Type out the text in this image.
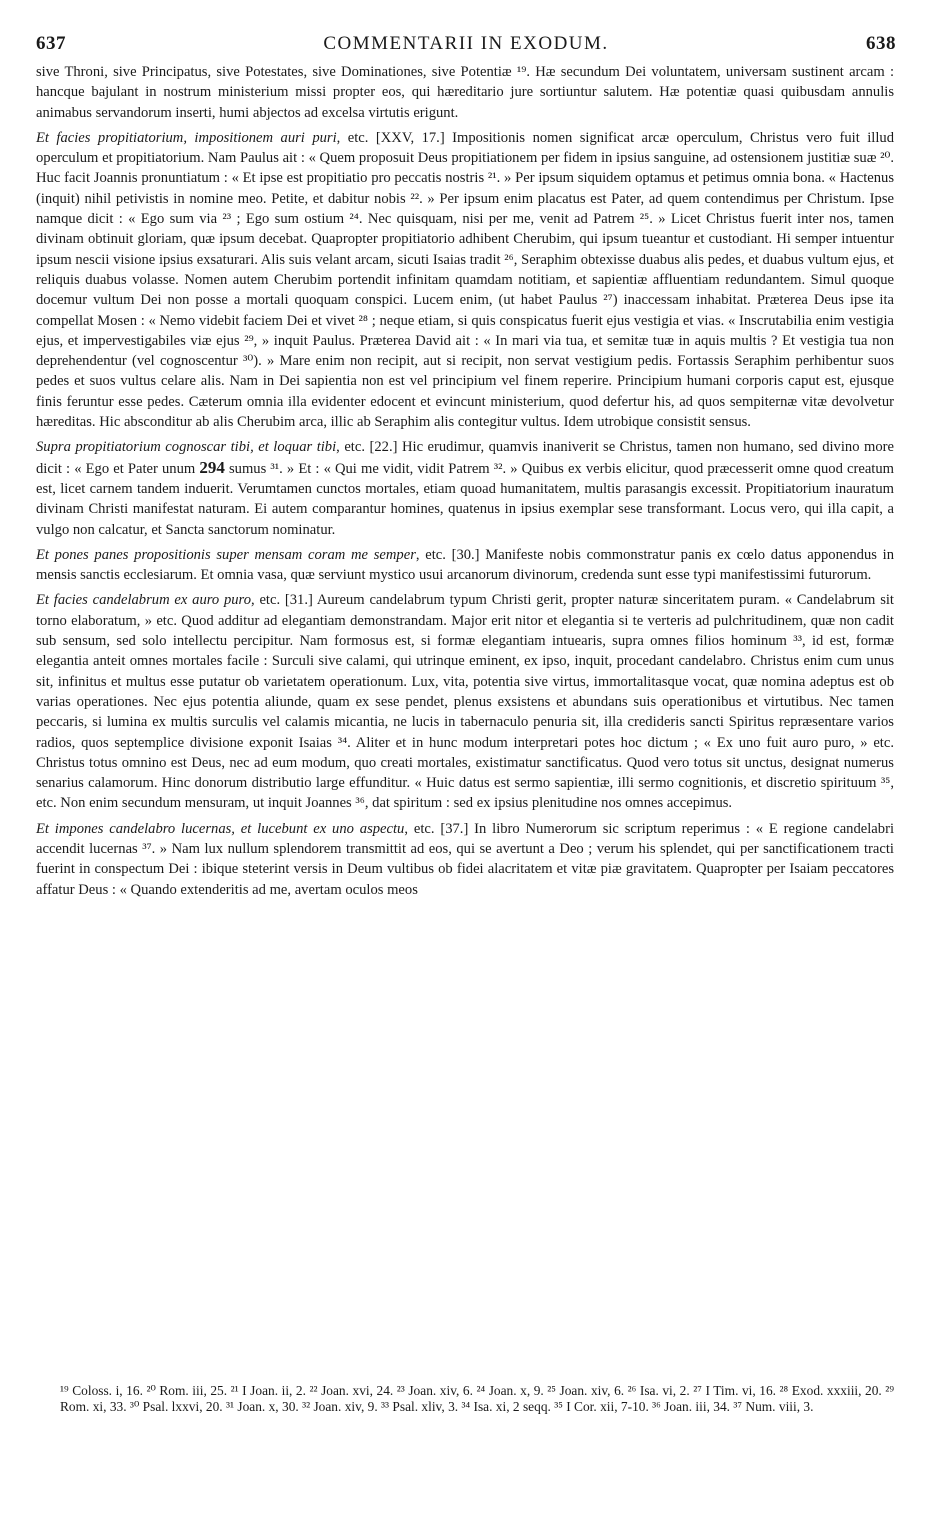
637	COMMENTARII IN EXODUM.	638

sive Throni, sive Principatus, sive Potestates, sive Dominationes, sive Potentiæ ¹⁹. Hæ secundum Dei voluntatem, universam sustinent arcam : hancque bajulant in nostrum ministerium missi propter eos, qui hæreditario jure sortiuntur salutem. Hæ potentiæ quasi quibusdam annulis animabus servandorum inserti, humi abjectos ad excelsa virtutis erigunt.

Et facies propitiatorium, impositionem auri puri, etc. [XXV, 17.] Impositionis nomen significat arcæ operculum, Christus vero fuit illud operculum et propitiatorium. Nam Paulus ait : « Quem proposuit Deus propitiationem per fidem in ipsius sanguine, ad ostensionem justitiæ suæ ²⁰. Huc facit Joannis pronuntiatum : « Et ipse est propitiatio pro peccatis nostris ²¹. » Per ipsum siquidem optamus et petimus omnia bona. « Hactenus (inquit) nihil petivistis in nomine meo. Petite, et dabitur nobis ²². » Per ipsum enim placatus est Pater, ad quem contendimus per Christum. Ipse namque dicit : « Ego sum via ²³ ; Ego sum ostium ²⁴. Nec quisquam, nisi per me, venit ad Patrem ²⁵. » Licet Christus fuerit inter nos, tamen divinam obtinuit gloriam, quæ ipsum decebat. Quapropter propitiatorio adhibent Cherubim, qui ipsum tueantur et custodiant. Hi semper intuentur ipsum nescii visione ipsius exsaturari. Alis suis velant arcam, sicuti Isaias tradit ²⁶, Seraphim obtexisse duabus alis pedes, et duabus vultum ejus, et reliquis duabus volasse. Nomen autem Cherubim portendit infinitam quamdam notitiam, et sapientiæ affluentiam redundantem. Simul quoque docemur vultum Dei non posse a mortali quoquam conspici. Lucem enim, (ut habet Paulus ²⁷) inaccessam inhabitat. Præterea Deus ipse ita compellat Mosen : « Nemo videbit faciem Dei et vivet ²⁸ ; neque etiam, si quis conspicatus fuerit ejus vestigia et vias. « Inscrutabilia enim vestigia ejus, et impervestigabiles viæ ejus ²⁹, » inquit Paulus. Præterea David ait : « In mari via tua, et semitæ tuæ in aquis multis ? Et vestigia tua non deprehendentur (vel cognoscentur ³⁰). » Mare enim non recipit, aut si recipit, non servat vestigium pedis. Fortassis Seraphim perhibentur suos pedes et suos vultus celare alis. Nam in Dei sapientia non est vel principium vel finem reperire. Principium humani corporis caput est, ejusque finis feruntur esse pedes. Cæterum omnia illa evidenter edocent et evincunt ministerium, quod defertur his, ad quos sempiternæ vitæ devolvetur hæreditas. Hic absconditur ab alis Cherubim arca, illic ab Seraphim alis contegitur vultus. Idem utrobique consistit sensus.

Supra propitiatorium cognoscar tibi, et loquar tibi, etc. [22.] Hic erudimur, quamvis inaniverit se Christus, tamen non humano, sed divino more dicit : « Ego et Pater unum 294 sumus ³¹. » Et : « Qui me vidit, vidit Patrem ³². » Quibus ex verbis elicitur, quod præcesserit omne quod creatum est, licet carnem tandem induerit. Verumtamen cunctos mortales, etiam quoad humanitatem, multis parasangis excessit. Propitiatorium inauratum divinam Christi manifestat naturam. Ei autem comparantur homines, quatenus in ipsius exemplar sese transformant. Locus vero, qui illa capit, a vulgo non calcatur, et Sancta sanctorum nominatur.

Et pones panes propositionis super mensam coram me semper, etc. [30.] Manifeste nobis commonstratur panis ex cœlo datus apponendus in mensis sanctis ecclesiarum. Et omnia vasa, quæ serviunt mystico usui arcanorum divinorum, credenda sunt esse typi manifestissimi futurorum.

Et facies candelabrum ex auro puro, etc. [31.] Aureum candelabrum typum Christi gerit, propter naturæ sinceritatem puram. « Candelabrum sit torno elaboratum, » etc. Quod additur ad elegantiam demonstrandam. Major erit nitor et elegantia si te verteris ad pulchritudinem, quæ non cadit sub sensum, sed solo intellectu percipitur. Nam formosus est, si formæ elegantiam intuearis, supra omnes filios hominum ³³, id est, formæ elegantia anteit omnes mortales facile : Surculi sive calami, qui utrinque eminent, ex ipso, inquit, procedant candelabro. Christus enim cum unus sit, infinitus et multus esse putatur ob varietatem operationum. Lux, vita, potentia sive virtus, immortalitasque vocat, quæ nomina adeptus est ob varias operationes. Nec ejus potentia aliunde, quam ex sese pendet, plenus exsistens et abundans suis operationibus et virtutibus. Nec tamen peccaris, si lumina ex multis surculis vel calamis micantia, ne lucis in tabernaculo penuria sit, illa credideris sancti Spiritus repræsentare varios radios, quos septemplice divisione exponit Isaias ³⁴. Aliter et in hunc modum interpretari potes hoc dictum ; « Ex uno fuit auro puro, » etc. Christus totus omnino est Deus, nec ad eum modum, quo creati mortales, existimatur sanctificatus. Quod vero totus sit unctus, designat numerus senarius calamorum. Hinc donorum distributio large effunditur. « Huic datus est sermo sapientiæ, illi sermo cognitionis, et discretio spirituum ³⁵, etc. Non enim secundum mensuram, ut inquit Joannes ³⁶, dat spiritum : sed ex ipsius plenitudine nos omnes accepimus.

Et impones candelabro lucernas, et lucebunt ex uno aspectu, etc. [37.] In libro Numerorum sic scriptum reperimus : « E regione candelabri accendit lucernas ³⁷. » Nam lux nullum splendorem transmittit ad eos, qui se avertunt a Deo ; verum his splendet, qui per sanctificationem tracti fuerint in conspectum Dei : ibique steterint versis in Deum vultibus ob fidei alacritatem et vitæ piæ gravitatem. Quapropter per Isaiam peccatores affatur Deus : « Quando extenderitis ad me, avertam oculos meos

¹⁹ Coloss. i, 16. ²⁰ Rom. iii, 25. ²¹ I Joan. ii, 2. ²² Joan. xvi, 24. ²³ Joan. xiv, 6. ²⁴ Joan. x, 9. ²⁵ Joan. xiv, 6. ²⁶ Isa. vi, 2. ²⁷ I Tim. vi, 16. ²⁸ Exod. xxxiii, 20. ²⁹ Rom. xi, 33. ³⁰ Psal. lxxvi, 20. ³¹ Joan. x, 30. ³² Joan. xiv, 9. ³³ Psal. xliv, 3. ³⁴ Isa. xi, 2 seqq. ³⁵ I Cor. xii, 7-10. ³⁶ Joan. iii, 34. ³⁷ Num. viii, 3.
